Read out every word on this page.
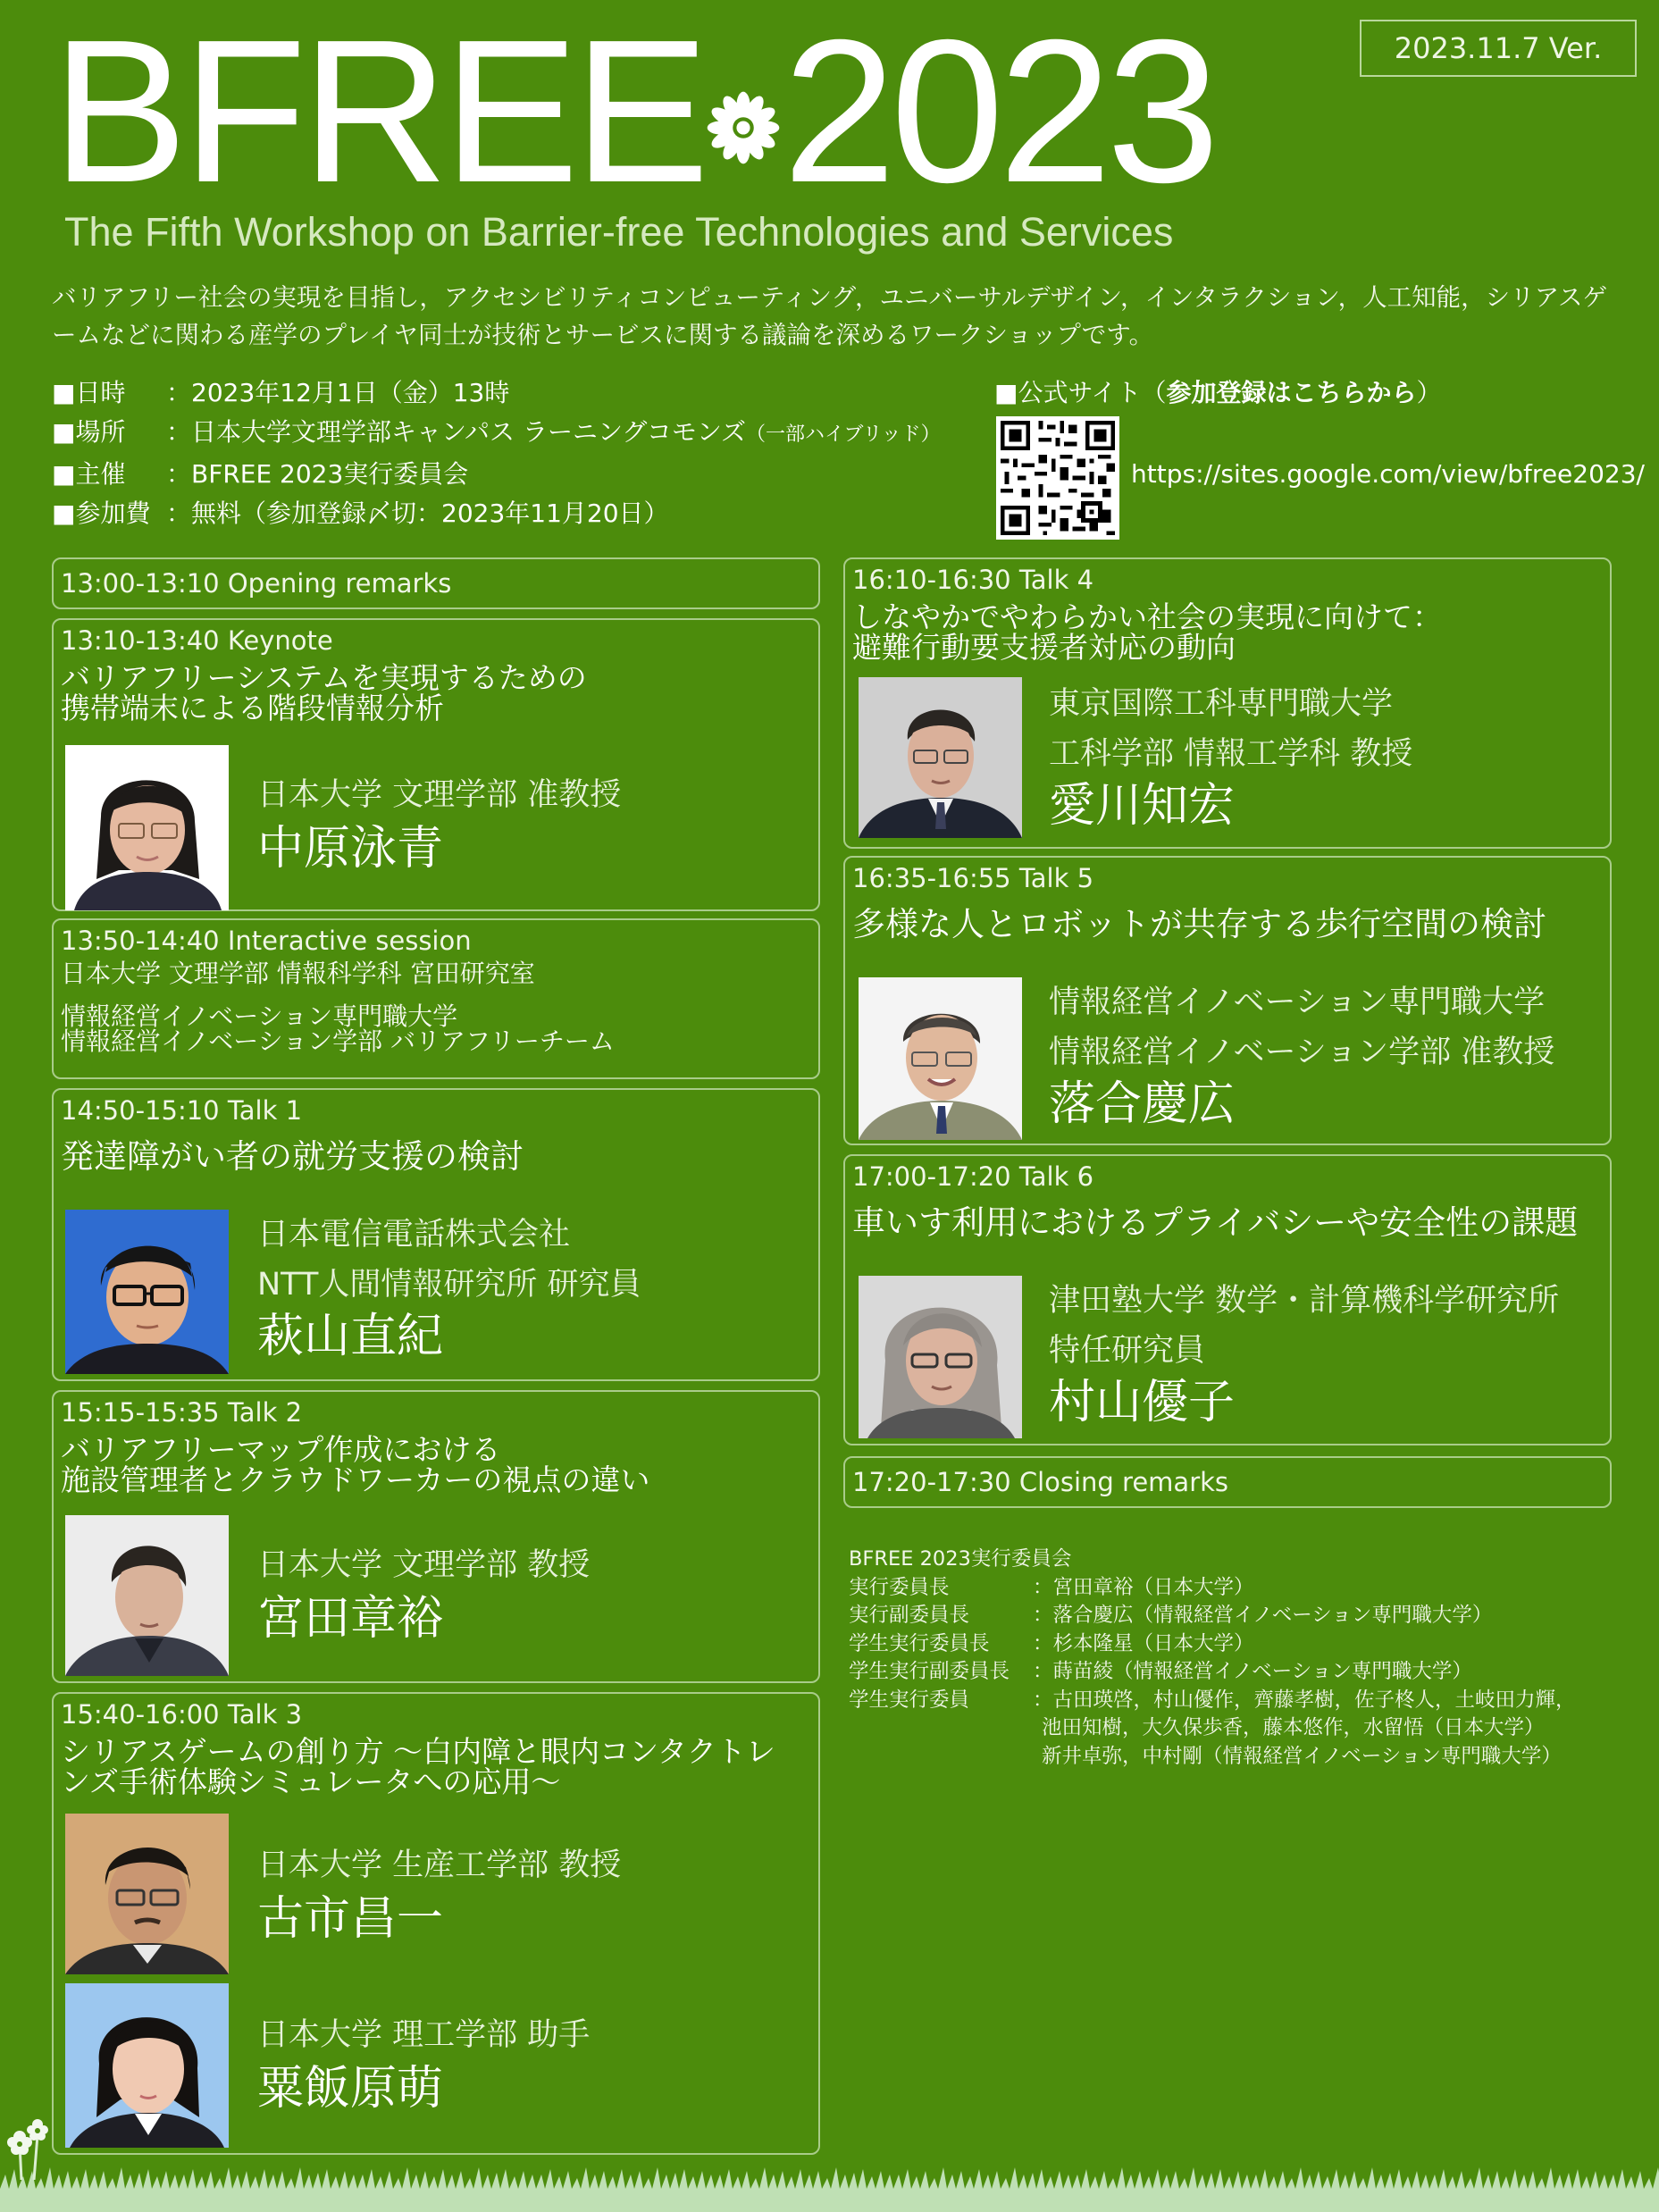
2023.11.7 Ver.
BFREE 2023
The Fifth Workshop on Barrier-free Technologies and Services
バリアフリー社会の実現を目指し，アクセシビリティコンピューティング，ユニバーサルデザイン，インタラクション，人工知能，シリアスゲームなどに関わる産学のプレイヤ同士が技術とサービスに関する議論を深めるワークショップです。
■日時 ：2023年12月1日（金）13時
■場所 ：日本大学文理学部キャンパス ラーニングコモンズ（一部ハイブリッド）
■主催 ：BFREE 2023実行委員会
■参加費 ：無料（参加登録〆切：2023年11月20日）
■公式サイト（参加登録はこちらから）
https://sites.google.com/view/bfree2023/
13:00-13:10 Opening remarks
13:10-13:40 Keynote
バリアフリーシステムを実現するための
携帯端末による階段情報分析
日本大学 文理学部 准教授
中原泳青
13:50-14:40 Interactive session
日本大学 文理学部 情報科学科 宮田研究室
情報経営イノベーション専門職大学
情報経営イノベーション学部 バリアフリーチーム
14:50-15:10 Talk 1
発達障がい者の就労支援の検討
日本電信電話株式会社
NTT人間情報研究所 研究員
萩山直紀
15:15-15:35 Talk 2
バリアフリーマップ作成における
施設管理者とクラウドワーカーの視点の違い
日本大学 文理学部 教授
宮田章裕
15:40-16:00 Talk 3
シリアスゲームの創り方 〜白内障と眼内コンタクトレ
ンズ手術体験シミュレータへの応用〜
日本大学 生産工学部 教授
古市昌一
日本大学 理工学部 助手
粟飯原萌
16:10-16:30 Talk 4
しなやかでやわらかい社会の実現に向けて：
避難行動要支援者対応の動向
東京国際工科専門職大学
工科学部 情報工学科 教授
愛川知宏
16:35-16:55 Talk 5
多様な人とロボットが共存する歩行空間の検討
情報経営イノベーション専門職大学
情報経営イノベーション学部 准教授
落合慶広
17:00-17:20 Talk 6
車いす利用におけるプライバシーや安全性の課題
津田塾大学 数学・計算機科学研究所
特任研究員
村山優子
17:20-17:30 Closing remarks
BFREE 2023実行委員会
実行委員長	：宮田章裕（日本大学）
実行副委員長	：落合慶広（情報経営イノベーション専門職大学）
学生実行委員長 ：杉本隆星（日本大学）
学生実行副委員長 ：蒔苗綾（情報経営イノベーション専門職大学）
学生実行委員	：古田瑛啓，村山優作，齊藤孝樹，佐子柊人，土岐田力輝，
池田知樹，大久保歩香，藤本悠作，水留悟（日本大学）
新井卓弥，中村剛（情報経営イノベーション専門職大学）
